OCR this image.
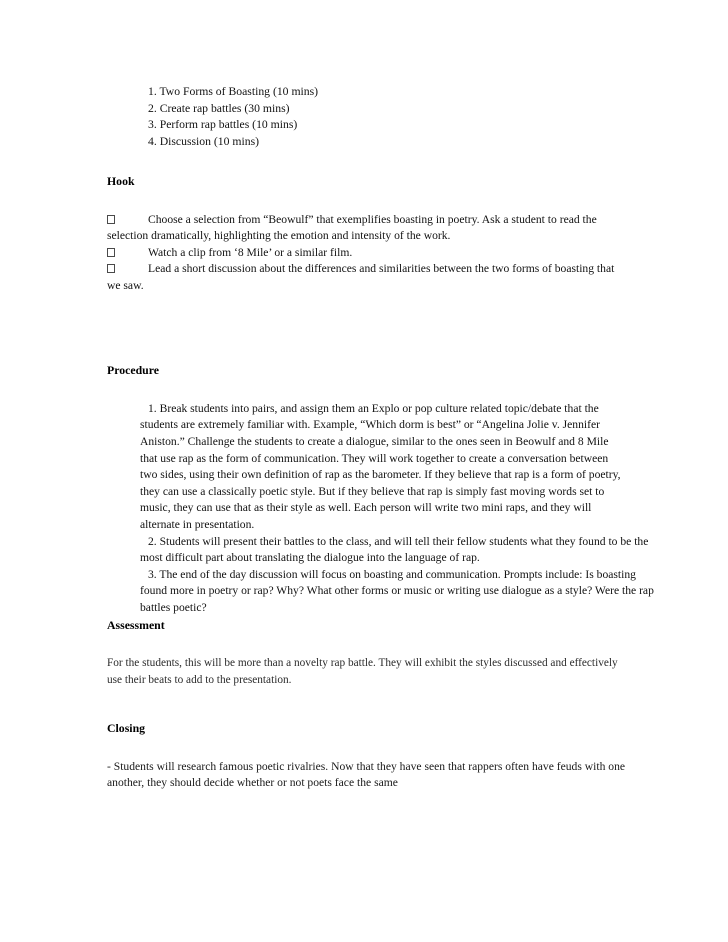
1. Two Forms of Boasting (10 mins)
2. Create rap battles (30 mins)
3. Perform rap battles (10 mins)
4. Discussion (10 mins)
Hook
Choose a selection from “Beowulf” that exemplifies boasting in poetry. Ask a student to read the selection dramatically, highlighting the emotion and intensity of the work.
Watch a clip from ‘8 Mile’ or a similar film.
Lead a short discussion about the differences and similarities between the two forms of boasting that we saw.
Procedure
1. Break students into pairs, and assign them an Explo or pop culture related topic/debate that the students are extremely familiar with. Example, “Which dorm is best” or “Angelina Jolie v. Jennifer Aniston.” Challenge the students to create a dialogue, similar to the ones seen in Beowulf and 8 Mile that use rap as the form of communication. They will work together to create a conversation between two sides, using their own definition of rap as the barometer. If they believe that rap is a form of poetry, they can use a classically poetic style. But if they believe that rap is simply fast moving words set to music, they can use that as their style as well. Each person will write two mini raps, and they will alternate in presentation.
2. Students will present their battles to the class, and will tell their fellow students what they found to be the most difficult part about translating the dialogue into the language of rap.
3. The end of the day discussion will focus on boasting and communication. Prompts include: Is boasting found more in poetry or rap? Why? What other forms or music or writing use dialogue as a style? Were the rap battles poetic?
Assessment
For the students, this will be more than a novelty rap battle. They will exhibit the styles discussed and effectively use their beats to add to the presentation.
Closing
- Students will research famous poetic rivalries. Now that they have seen that rappers often have feuds with one another, they should decide whether or not poets face the same
